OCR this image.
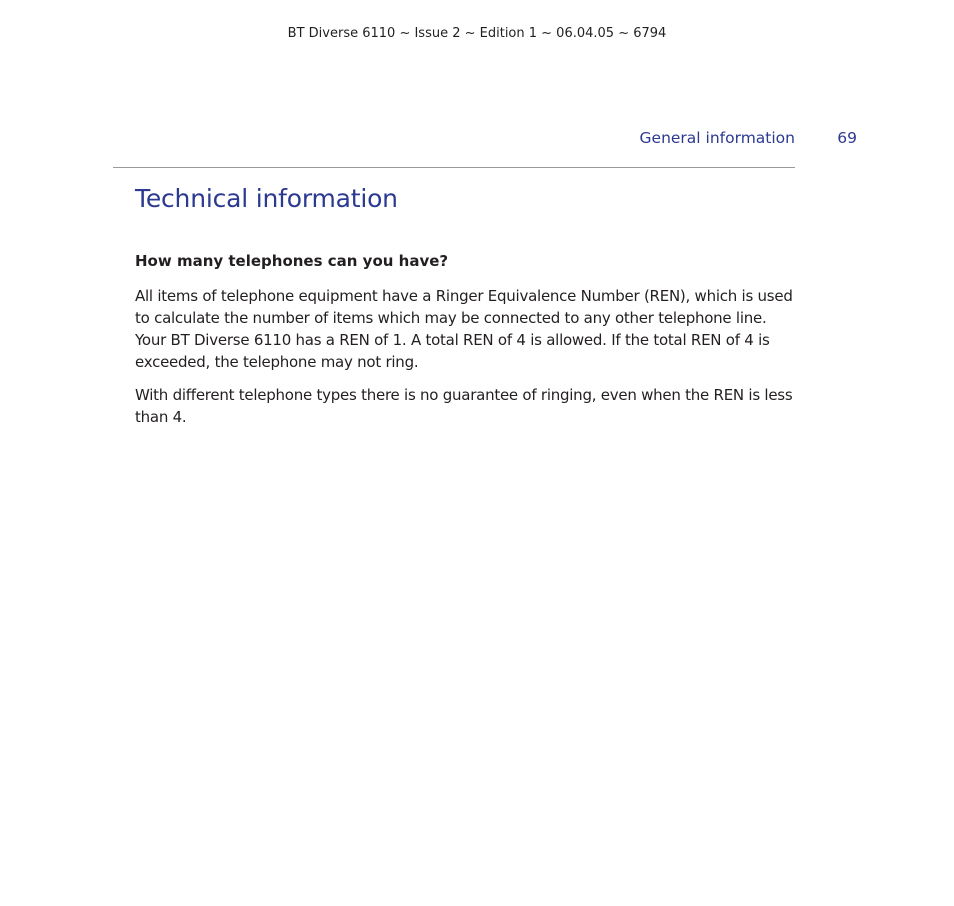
BT Diverse 6110 ~ Issue 2 ~ Edition 1 ~ 06.04.05 ~ 6794
General information	69
Technical information
How many telephones can you have?

All items of telephone equipment have a Ringer Equivalence Number (REN), which is used to calculate the number of items which may be connected to any other telephone line. Your BT Diverse 6110 has a REN of 1. A total REN of 4 is allowed. If the total REN of 4 is exceeded, the telephone may not ring.

With different telephone types there is no guarantee of ringing, even when the REN is less than 4.
